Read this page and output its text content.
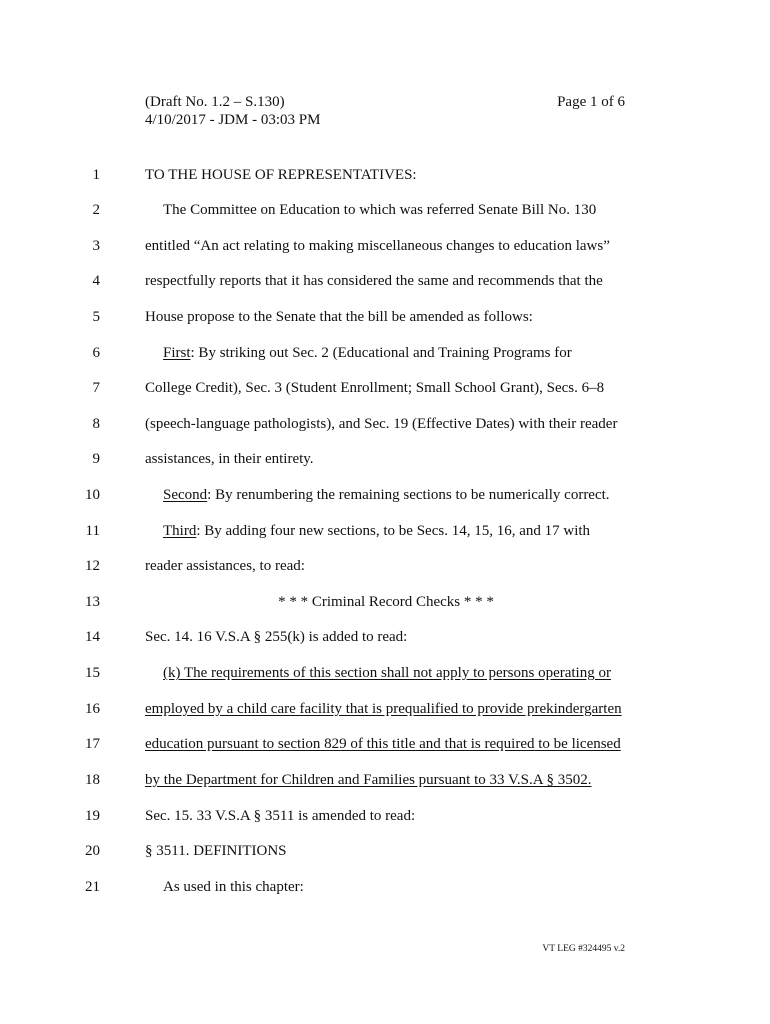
(Draft No. 1.2 – S.130)
4/10/2017 - JDM - 03:03 PM
Page 1 of 6
1	TO THE HOUSE OF REPRESENTATIVES:
2	The Committee on Education to which was referred Senate Bill No. 130
3	entitled “An act relating to making miscellaneous changes to education laws”
4	respectfully reports that it has considered the same and recommends that the
5	House propose to the Senate that the bill be amended as follows:
6	First: By striking out Sec. 2 (Educational and Training Programs for
7	College Credit), Sec. 3 (Student Enrollment; Small School Grant), Secs. 6–8
8	(speech-language pathologists), and Sec. 19 (Effective Dates) with their reader
9	assistances, in their entirety.
10	Second: By renumbering the remaining sections to be numerically correct.
11	Third: By adding four new sections, to be Secs. 14, 15, 16, and 17 with
12	reader assistances, to read:
13	* * * Criminal Record Checks * * *
14	Sec. 14. 16 V.S.A § 255(k) is added to read:
15	(k) The requirements of this section shall not apply to persons operating or
16	employed by a child care facility that is prequalified to provide prekindergarten
17	education pursuant to section 829 of this title and that is required to be licensed
18	by the Department for Children and Families pursuant to 33 V.S.A § 3502.
19	Sec. 15. 33 V.S.A § 3511 is amended to read:
20	§ 3511. DEFINITIONS
21	As used in this chapter:
VT LEG #324495 v.2
